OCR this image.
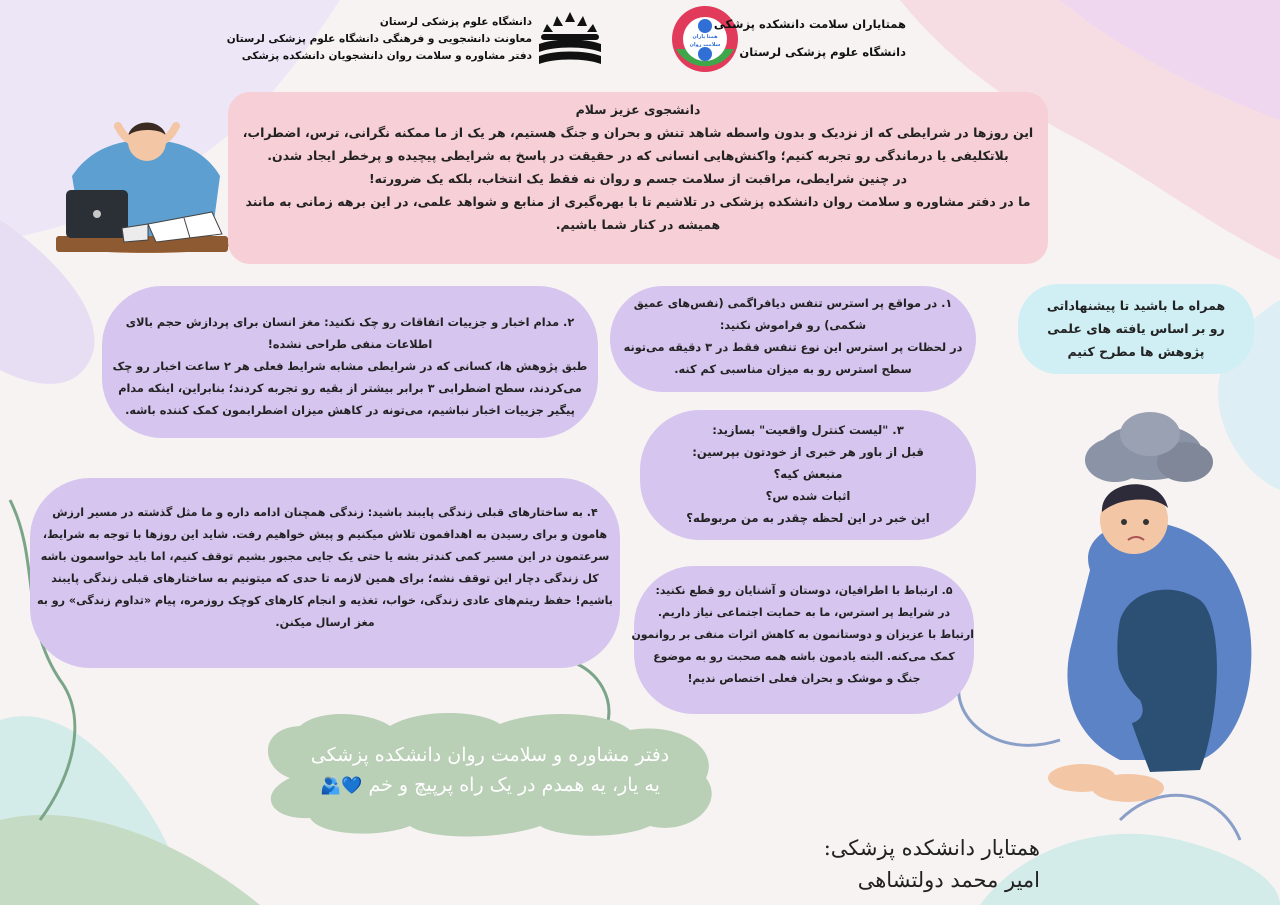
دانشگاه علوم پزشکی لرستان
معاونت دانشجویی و فرهنگی دانشگاه علوم پزشکی لرستان
دفتر مشاوره و سلامت روان دانشجویان دانشکده پزشکی
همتا یاران سلامت روان
همتایاران سلامت دانشکده پزشکی
دانشگاه علوم پزشکی لرستان
دانشجوی عزیز سلام
این روزها در شرایطی که از نزدیک و بدون واسطه شاهد تنش و بحران و جنگ هستیم، هر یک از ما ممکنه نگرانی، ترس، اضطراب،
بلاتکلیفی یا درماندگی رو تجربه کنیم؛ واکنش‌هایی انسانی که در حقیقت در پاسخ به شرایطی پیچیده و پرخطر ایجاد شدن.
در چنین شرایطی، مراقبت از سلامت جسم و روان نه فقط یک انتخاب، بلکه یک ضرورته!
ما در دفتر مشاوره و سلامت روان دانشکده پزشکی در تلاشیم تا با بهره‌گیری از منابع و شواهد علمی، در این برهه زمانی به مانند
همیشه در کنار شما باشیم.
همراه ما باشید تا پیشنهاداتی
رو بر اساس یافته های علمی
پژوهش ها مطرح کنیم
۱. در مواقع پر استرس تنفس دیافراگمی (نفس‌های عمیق
شکمی) رو فراموش نکنید:
در لحظات پر استرس این نوع تنفس فقط در ۳ دقیقه می‌تونه
سطح استرس رو به میزان مناسبی کم کنه.
۲. مدام اخبار و جزییات اتفاقات رو چک نکنید: مغز انسان برای پردازش حجم بالای
اطلاعات منفی طراحی نشده!
طبق پژوهش ها، کسانی که در شرایطی مشابه شرایط فعلی هر ۲ ساعت اخبار رو چک
می‌کردند، سطح اضطرابی ۳ برابر بیشتر از بقیه رو تجربه کردند؛ بنابراین، اینکه مدام
پیگیر جزییات اخبار نباشیم، می‌تونه در کاهش میزان اضطرابمون کمک کننده باشه.
۳. "لیست کنترل واقعیت" بسازید:
قبل از باور هر خبری از خودتون بپرسین:
منبعش کیه؟
اثبات شده س؟
این خبر در این لحظه چقدر به من مربوطه؟
۴. به ساختارهای قبلی زندگی پایبند باشید: زندگی همچنان ادامه داره و ما مثل گذشته در مسیر ارزش
هامون و برای رسیدن به اهدافمون تلاش میکنیم و پیش خواهیم رفت. شاید این روزها با توجه به شرایط،
سرعتمون در این مسیر کمی کندتر بشه یا حتی یک جایی مجبور بشیم توقف کنیم، اما باید حواسمون باشه
کل زندگی دچار این توقف نشه؛ برای همین لازمه تا حدی که میتونیم به ساختارهای قبلی زندگی پایبند
باشیم! حفظ ریتم‌های عادی زندگی، خواب، تغذیه و انجام کارهای کوچک روزمره، پیام «تداوم زندگی» رو به
مغز ارسال میکنن.
۵. ارتباط با اطرافیان، دوستان و آشنایان رو قطع نکنید:
در شرایط پر استرس، ما به حمایت اجتماعی نیاز داریم.
ارتباط با عزیزان و دوستانمون به کاهش اثرات منفی بر روانمون
کمک می‌کنه. البته یادمون باشه همه صحبت رو به موضوع
جنگ و موشک و بحران فعلی اختصاص ندیم!
دفتر مشاوره و سلامت روان دانشکده پزشکی
یه یار، یه همدم در یک راه پرپیچ و خم 💙🫂
همتایار دانشکده پزشکی:
امیر محمد دولتشاهی
